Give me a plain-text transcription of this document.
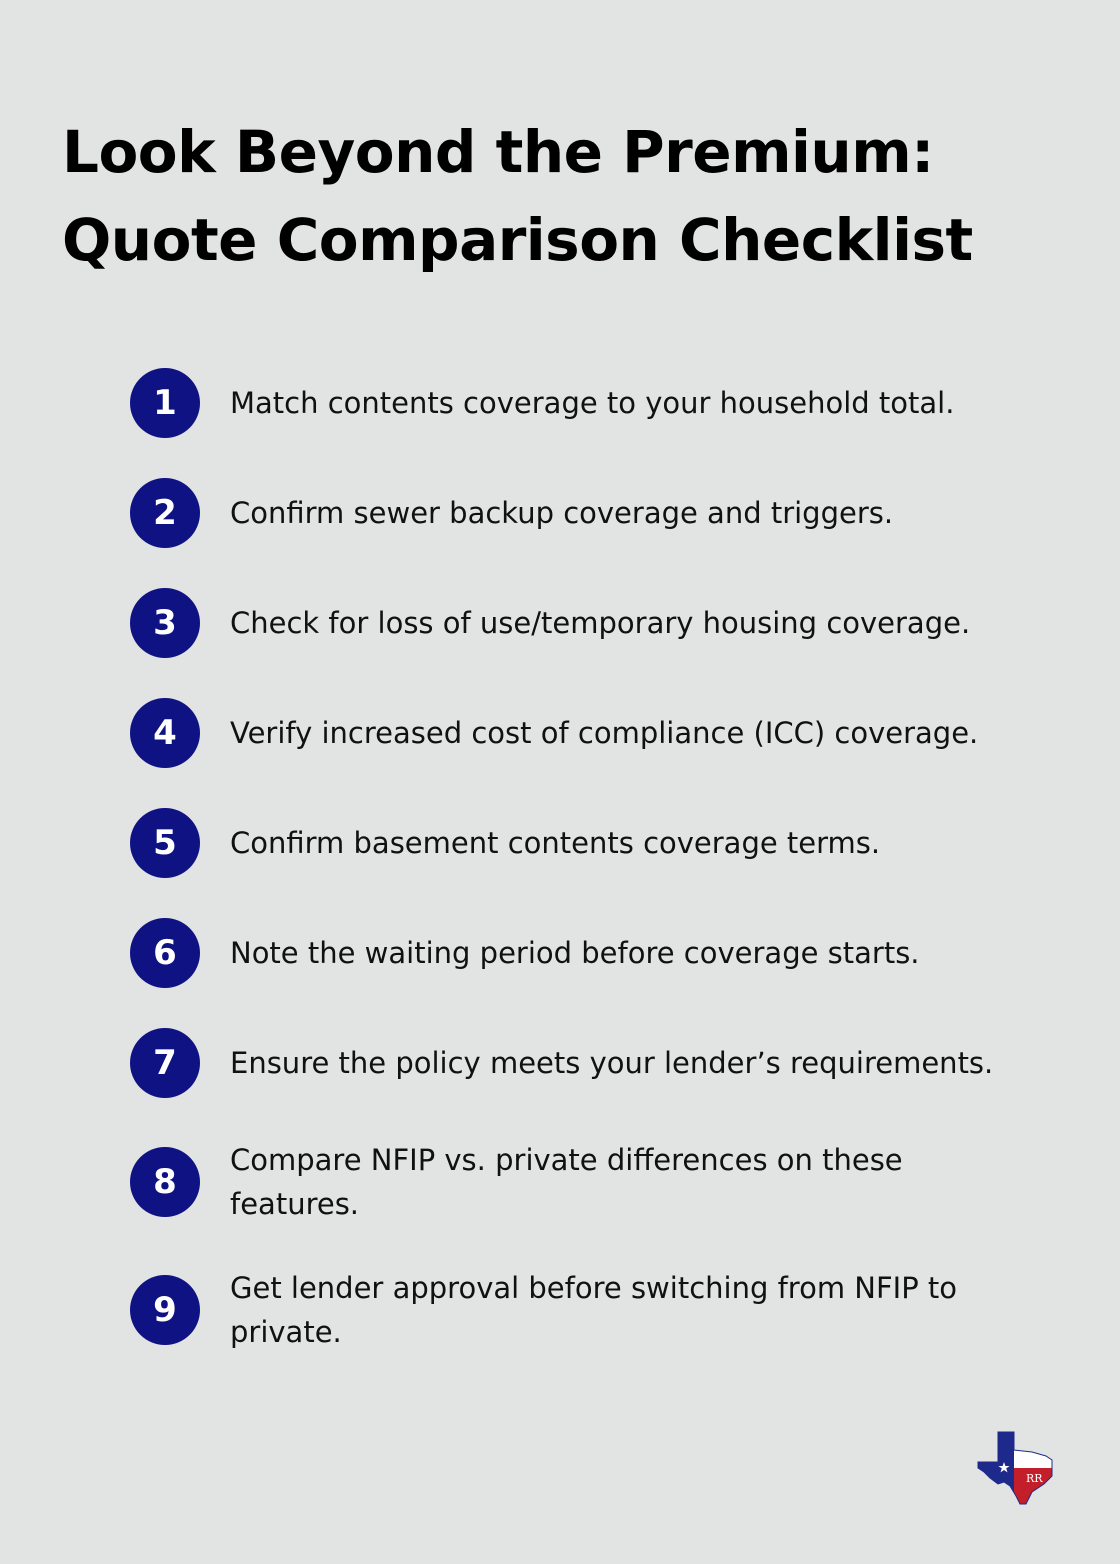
Look Beyond the Premium:
Quote Comparison Checklist
1	Match contents coverage to your household total.
2	Confirm sewer backup coverage and triggers.
3	Check for loss of use/temporary housing coverage.
4	Verify increased cost of compliance (ICC) coverage.
5	Confirm basement contents coverage terms.
6	Note the waiting period before coverage starts.
7	Ensure the policy meets your lender’s requirements.
8
Compare NFIP vs. private differences on these features.
9
Get lender approval before switching from NFIP to private.
RR
